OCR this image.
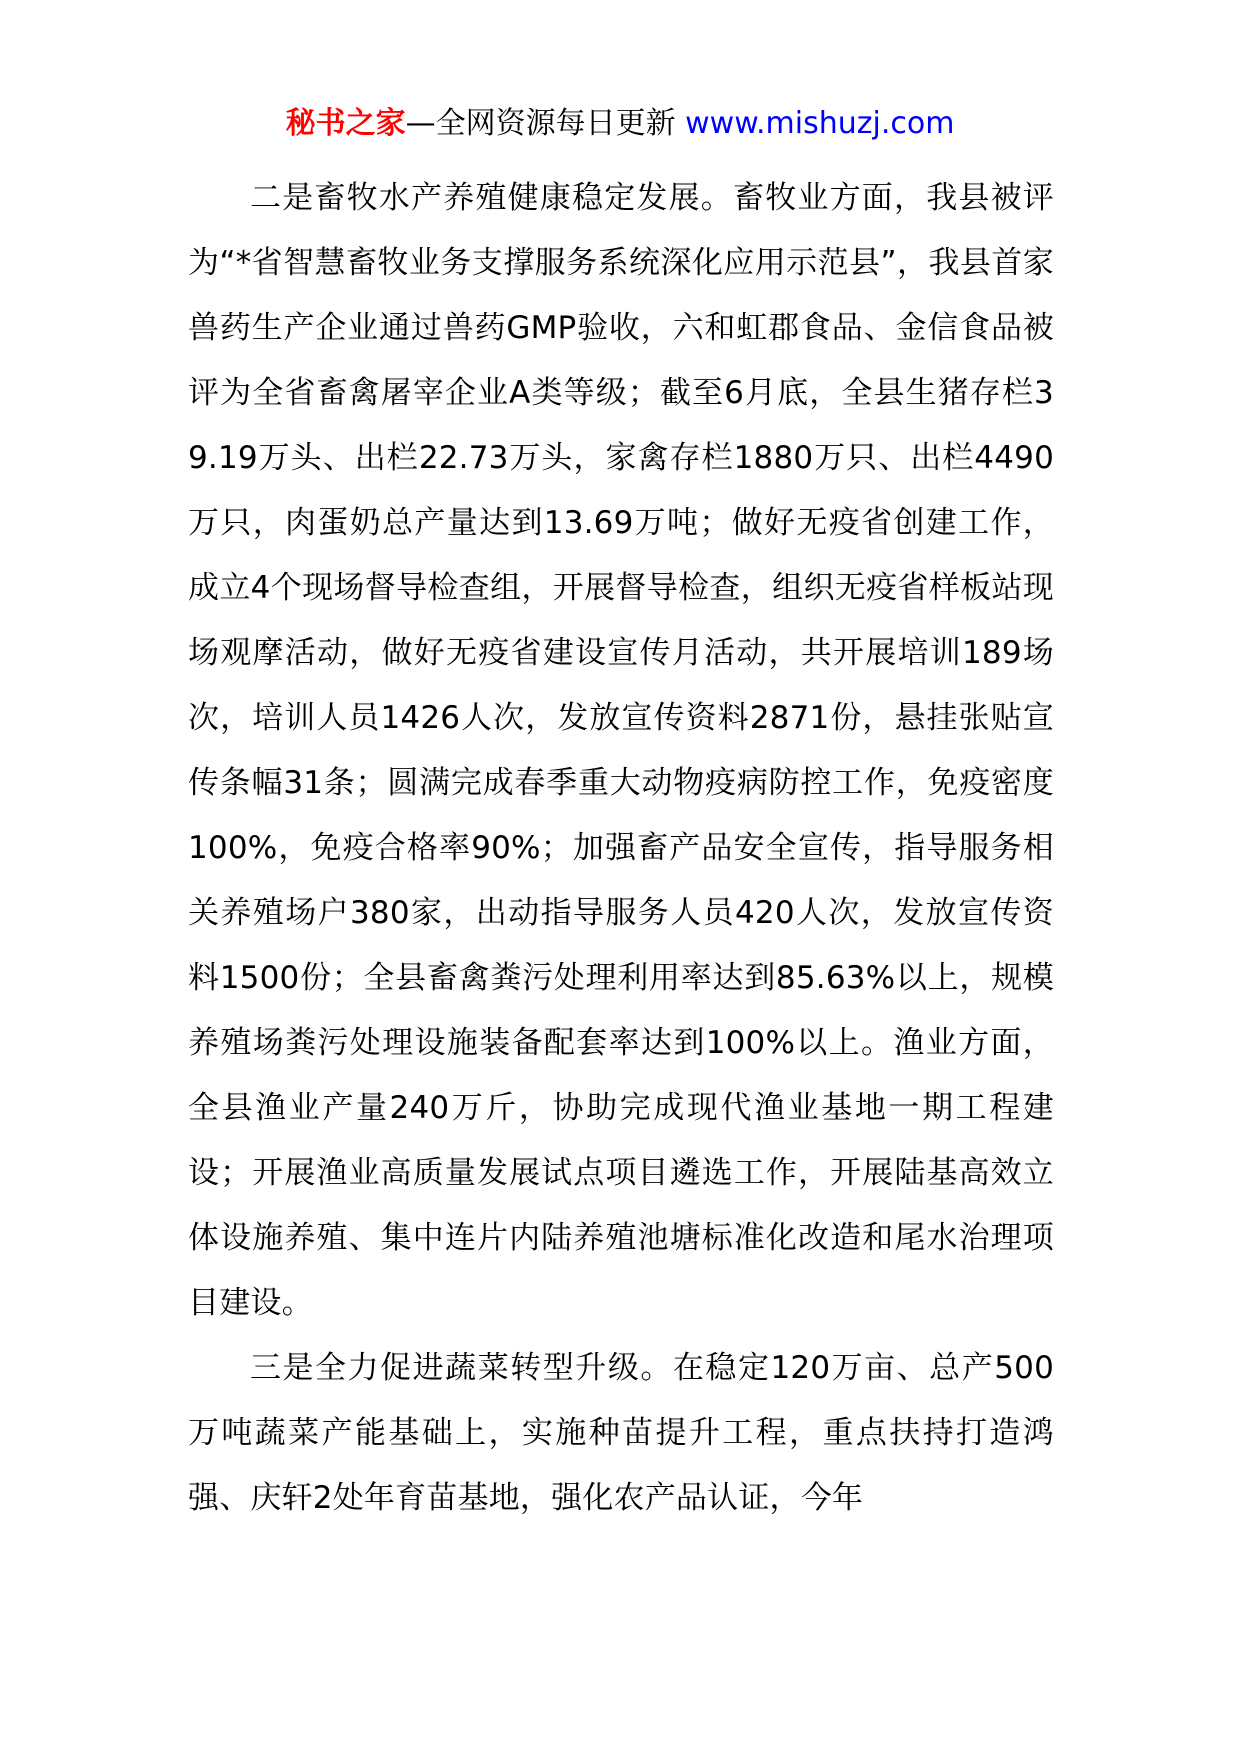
秘书之家—全网资源每日更新 www.mishuzj.com

二是畜牧水产养殖健康稳定发展。畜牧业方面，我县被评为“*省智慧畜牧业务支撑服务系统深化应用示范县”，我县首家兽药生产企业通过兽药GMP验收，六和虹郡食品、金信食品被评为全省畜禽屠宰企业A类等级；截至6月底，全县生猪存栏39.19万头、出栏22.73万头，家禽存栏1880万只、出栏4490万只，肉蛋奶总产量达到13.69万吨；做好无疫省创建工作，成立4个现场督导检查组，开展督导检查，组织无疫省样板站现场观摩活动，做好无疫省建设宣传月活动，共开展培训189场次，培训人员1426人次，发放宣传资料2871份，悬挂张贴宣传条幅31条；圆满完成春季重大动物疫病防控工作，免疫密度100%，免疫合格率90%；加强畜产品安全宣传，指导服务相关养殖场户380家，出动指导服务人员420人次，发放宣传资料1500份；全县畜禽粪污处理利用率达到85.63%以上，规模养殖场粪污处理设施装备配套率达到100%以上。渔业方面，全县渔业产量240万斤，协助完成现代渔业基地一期工程建设；开展渔业高质量发展试点项目遴选工作，开展陆基高效立体设施养殖、集中连片内陆养殖池塘标准化改造和尾水治理项目建设。

三是全力促进蔬菜转型升级。在稳定120万亩、总产500万吨蔬菜产能基础上，实施种苗提升工程，重点扶持打造鸿强、庆轩2处年育苗基地，强化农产品认证，今年
